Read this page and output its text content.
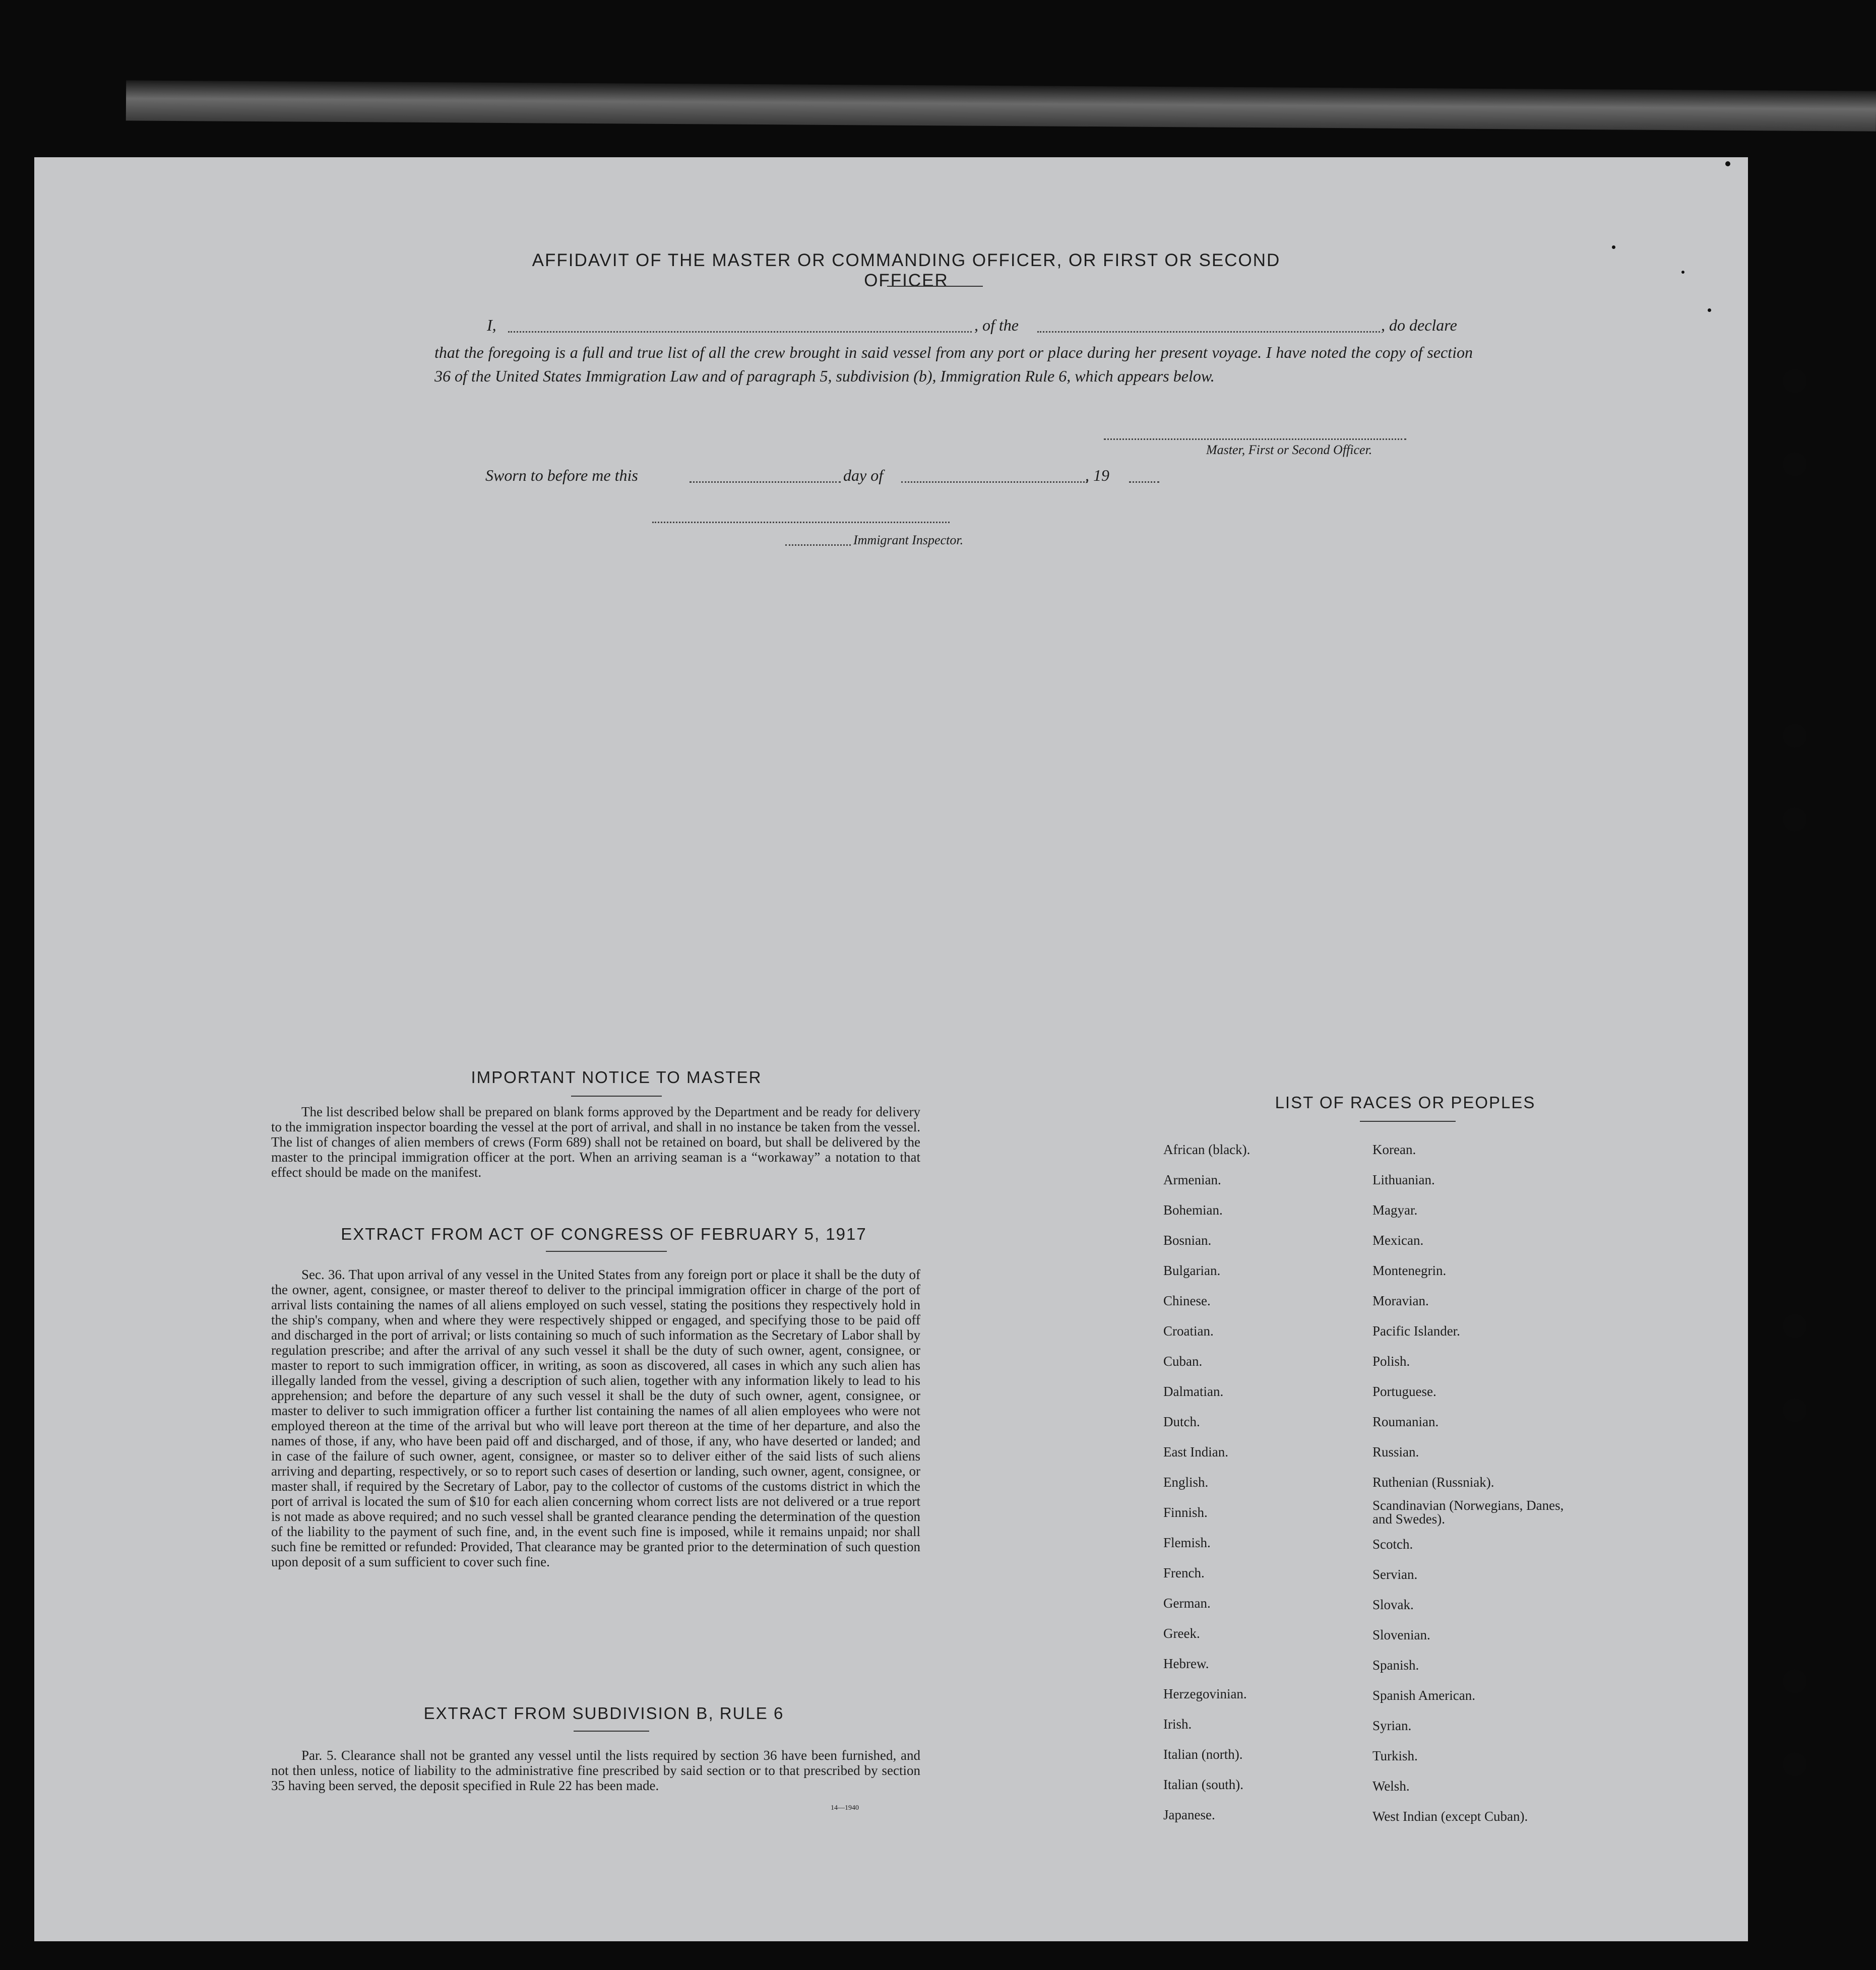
AFFIDAVIT OF THE MASTER OR COMMANDING OFFICER, OR FIRST OR SECOND OFFICER
I,	, of the	, do declare
that the foregoing is a full and true list of all the crew brought in said vessel from any port or place during her present voyage. I have noted the copy of section 36 of the United States Immigration Law and of paragraph 5, subdivision (b), Immigration Rule 6, which appears below.
Master, First or Second Officer.
Sworn to before me this	day of	, 19
Immigrant Inspector.
IMPORTANT NOTICE TO MASTER
The list described below shall be prepared on blank forms approved by the Department and be ready for delivery to the immigration inspector boarding the vessel at the port of arrival, and shall in no instance be taken from the vessel. The list of changes of alien members of crews (Form 689) shall not be retained on board, but shall be delivered by the master to the principal immigration officer at the port. When an arriving seaman is a “workaway” a notation to that effect should be made on the manifest.
EXTRACT FROM ACT OF CONGRESS OF FEBRUARY 5, 1917
Sec. 36. That upon arrival of any vessel in the United States from any foreign port or place it shall be the duty of the owner, agent, consignee, or master thereof to deliver to the principal immigration officer in charge of the port of arrival lists containing the names of all aliens employed on such vessel, stating the positions they respectively hold in the ship's company, when and where they were respectively shipped or engaged, and specifying those to be paid off and discharged in the port of arrival; or lists containing so much of such information as the Secretary of Labor shall by regulation prescribe; and after the arrival of any such vessel it shall be the duty of such owner, agent, consignee, or master to report to such immigration officer, in writing, as soon as discovered, all cases in which any such alien has illegally landed from the vessel, giving a description of such alien, together with any information likely to lead to his apprehension; and before the departure of any such vessel it shall be the duty of such owner, agent, consignee, or master to deliver to such immigration officer a further list containing the names of all alien employees who were not employed thereon at the time of the arrival but who will leave port thereon at the time of her departure, and also the names of those, if any, who have been paid off and discharged, and of those, if any, who have deserted or landed; and in case of the failure of such owner, agent, consignee, or master so to deliver either of the said lists of such aliens arriving and departing, respectively, or so to report such cases of desertion or landing, such owner, agent, consignee, or master shall, if required by the Secretary of Labor, pay to the collector of customs of the customs district in which the port of arrival is located the sum of $10 for each alien concerning whom correct lists are not delivered or a true report is not made as above required; and no such vessel shall be granted clearance pending the determination of the question of the liability to the payment of such fine, and, in the event such fine is imposed, while it remains unpaid; nor shall such fine be remitted or refunded: Provided, That clearance may be granted prior to the determination of such question upon deposit of a sum sufficient to cover such fine.
EXTRACT FROM SUBDIVISION B, RULE 6
Par. 5. Clearance shall not be granted any vessel until the lists required by section 36 have been furnished, and not then unless, notice of liability to the administrative fine prescribed by said section or to that prescribed by section 35 having been served, the deposit specified in Rule 22 has been made.
14—1940
LIST OF RACES OR PEOPLES
African (black).
Armenian.
Bohemian.
Bosnian.
Bulgarian.
Chinese.
Croatian.
Cuban.
Dalmatian.
Dutch.
East Indian.
English.
Finnish.
Flemish.
French.
German.
Greek.
Hebrew.
Herzegovinian.
Irish.
Italian (north).
Italian (south).
Japanese.
Korean.
Lithuanian.
Magyar.
Mexican.
Montenegrin.
Moravian.
Pacific Islander.
Polish.
Portuguese.
Roumanian.
Russian.
Ruthenian (Russniak).
Scandinavian (Norwegians, Danes, and Swedes).
Scotch.
Servian.
Slovak.
Slovenian.
Spanish.
Spanish American.
Syrian.
Turkish.
Welsh.
West Indian (except Cuban).
